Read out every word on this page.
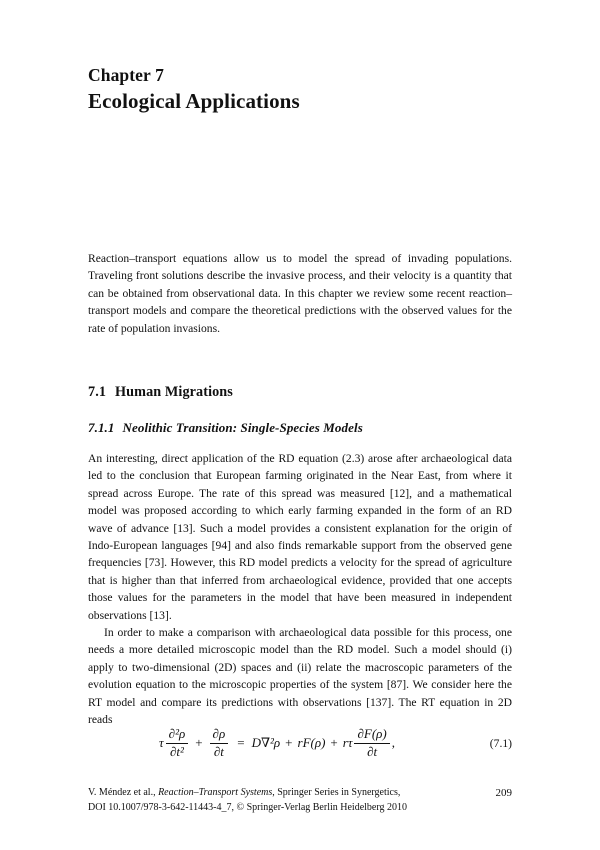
Chapter 7
Ecological Applications
Reaction–transport equations allow us to model the spread of invading populations. Traveling front solutions describe the invasive process, and their velocity is a quantity that can be obtained from observational data. In this chapter we review some recent reaction–transport models and compare the theoretical predictions with the observed values for the rate of population invasions.
7.1 Human Migrations
7.1.1 Neolithic Transition: Single-Species Models

An interesting, direct application of the RD equation (2.3) arose after archaeological data led to the conclusion that European farming originated in the Near East, from where it spread across Europe. The rate of this spread was measured [12], and a mathematical model was proposed according to which early farming expanded in the form of an RD wave of advance [13]. Such a model provides a consistent explanation for the origin of Indo-European languages [94] and also finds remarkable support from the observed gene frequencies [73]. However, this RD model predicts a velocity for the spread of agriculture that is higher than that inferred from archaeological evidence, provided that one accepts those values for the parameters in the model that have been measured in independent observations [13].

In order to make a comparison with archaeological data possible for this process, one needs a more detailed microscopic model than the RD model. Such a model should (i) apply to two-dimensional (2D) spaces and (ii) relate the macroscopic parameters of the evolution equation to the microscopic properties of the system [87]. We consider here the RT model and compare its predictions with observations [137]. The RT equation in 2D reads

τ $\frac{\text{∂²ρ}}{\text{∂t²}} + \frac{\partial\rho}{\partial t} = D\nabla^2\rho + rF(\rho) + r\tau \frac{\partial F(\rho)}{\partial t}$ ,	(7.1)
V. Méndez et al., Reaction–Transport Systems, Springer Series in Synergetics,
DOI 10.1007/978-3-642-11443-4_7, © Springer-Verlag Berlin Heidelberg 2010
209
